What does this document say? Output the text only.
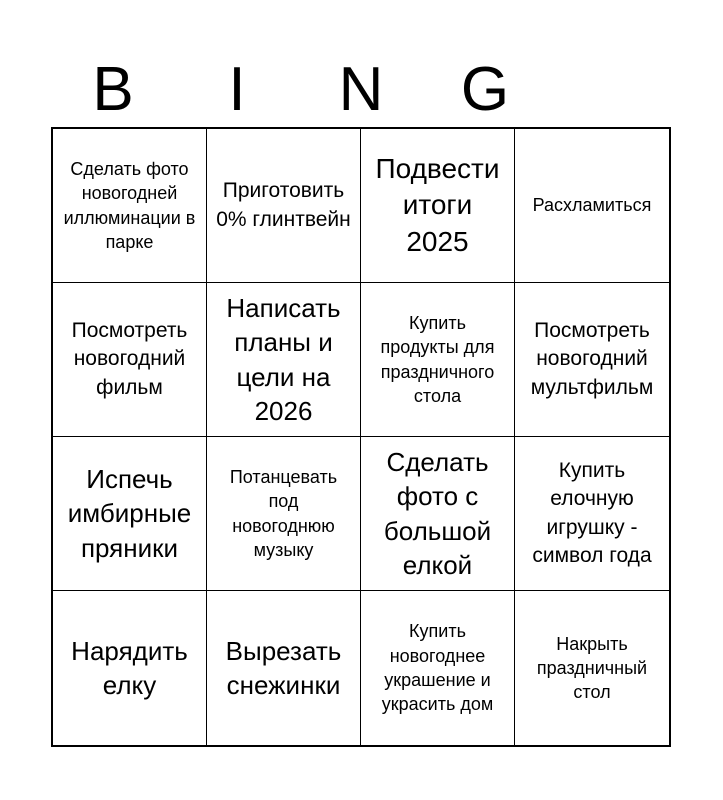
B	I	N	G
Сделать фото новогодней иллюминации в парке
Приготовить 0% глинтвейн
Подвести итоги 2025
Расхламиться
Посмотреть новогодний фильм
Написать планы и цели на 2026
Купить продукты для праздничного стола
Посмотреть новогодний мультфильм
Испечь имбирные пряники
Потанцевать под новогоднюю музыку
Сделать фото с большой елкой
Купить елочную игрушку - символ года
Нарядить елку
Вырезать снежинки
Купить новогоднее украшение и украсить дом
Накрыть праздничный стол
